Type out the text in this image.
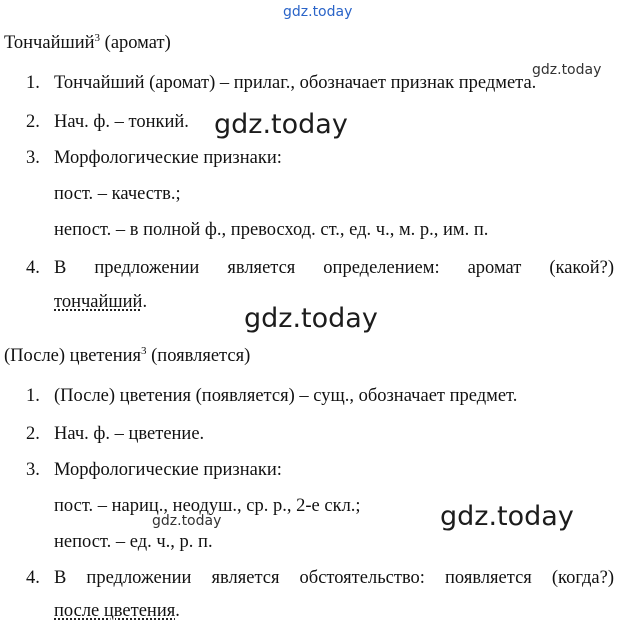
gdz.today
Тончайший$^3$ (аромат)
1. Тончайший (аромат) – прилаг., обозначает признак предмета.
2. Нач. ф. – тонкий.
3. Морфологические признаки:
пост. – качеств.;
непост. – в полной ф., превосход. ст., ед. ч., м. р., им. п.
4. В предложении является определением: аромат (какой?)
тончайший.
(После) цветения$^3$ (появляется)
1. (После) цветения (появляется) – сущ., обозначает предмет.
2. Нач. ф. – цветение.
3. Морфологические признаки:
пост. – нариц., неодуш., ср. р., 2-е скл.;
непост. – ед. ч., р. п.
4. В предложении является обстоятельство: появляется (когда?)
после цветения.
gdz.today
gdz.today
gdz.today
gdz.today
gdz.today
